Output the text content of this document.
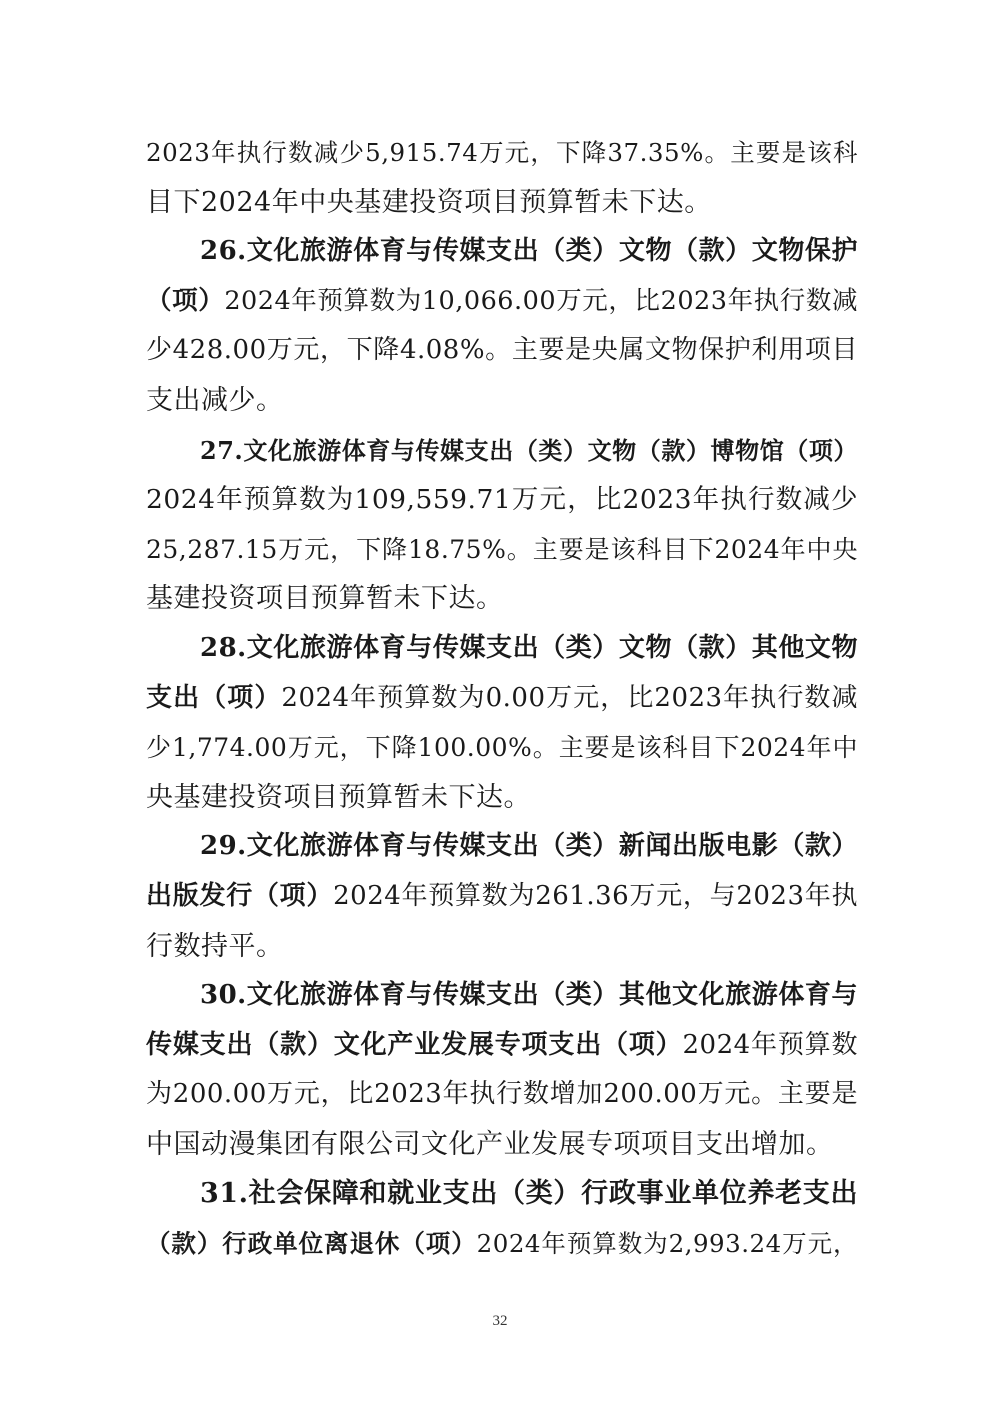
2023年执行数减少5,915.74万元，下降37.35%。主要是该科

目下2024年中央基建投资项目预算暂未下达。

26.文化旅游体育与传媒支出（类）文物（款）文物保护

（项）2024年预算数为10,066.00万元，比2023年执行数减

少428.00万元，下降4.08%。主要是央属文物保护利用项目

支出减少。

27.文化旅游体育与传媒支出（类）文物（款）博物馆（项）

2024年预算数为109,559.71万元，比2023年执行数减少

25,287.15万元，下降18.75%。主要是该科目下2024年中央

基建投资项目预算暂未下达。

28.文化旅游体育与传媒支出（类）文物（款）其他文物

支出（项）2024年预算数为0.00万元，比2023年执行数减

少1,774.00万元，下降100.00%。主要是该科目下2024年中

央基建投资项目预算暂未下达。

29.文化旅游体育与传媒支出（类）新闻出版电影（款）

出版发行（项）2024年预算数为261.36万元，与2023年执

行数持平。

30.文化旅游体育与传媒支出（类）其他文化旅游体育与

传媒支出（款）文化产业发展专项支出（项）2024年预算数

为200.00万元，比2023年执行数增加200.00万元。主要是

中国动漫集团有限公司文化产业发展专项项目支出增加。

31.社会保障和就业支出（类）行政事业单位养老支出

（款）行政单位离退休（项）2024年预算数为2,993.24万元，

32
